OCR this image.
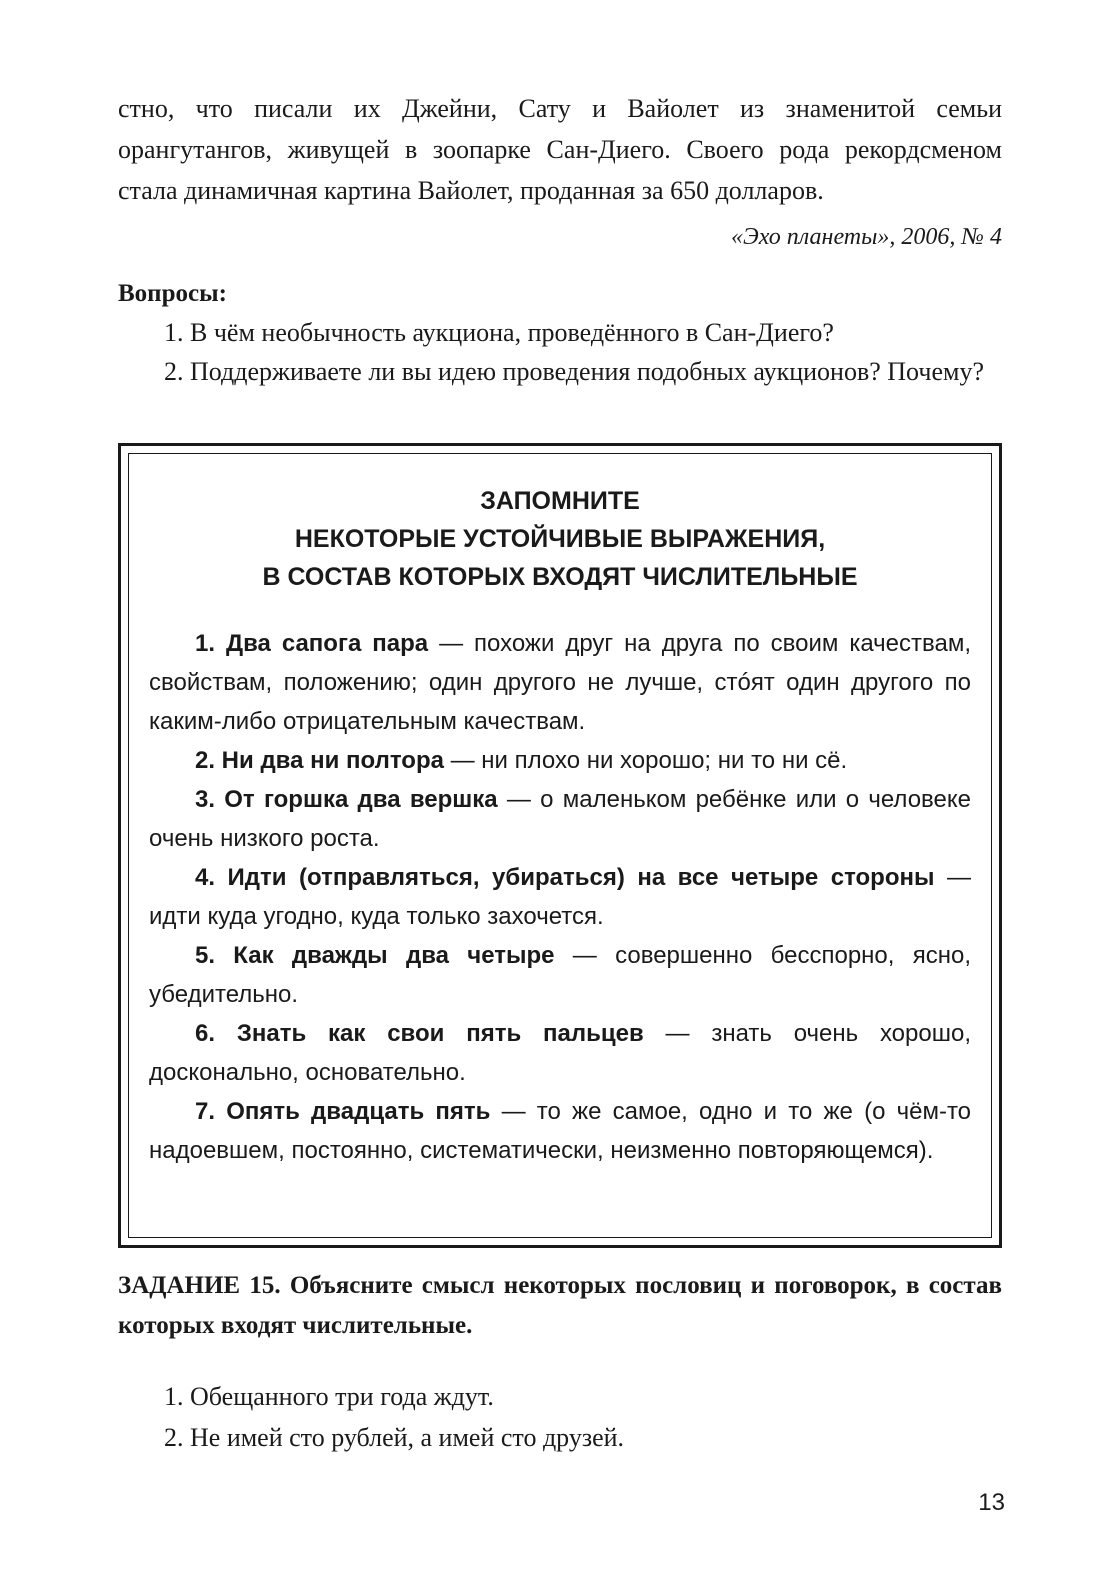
стно, что писали их Джейни, Сату и Вайолет из знаменитой семьи орангутангов, живущей в зоопарке Сан-Диего. Своего рода рекордсменом стала динамичная картина Вайолет, проданная за 650 долларов.

«Эхо планеты», 2006, № 4

Вопросы:

1. В чём необычность аукциона, проведённого в Сан-Диего?

2. Поддерживаете ли вы идею проведения подобных аукционов? Почему?

ЗАПОМНИТЕ

НЕКОТОРЫЕ УСТОЙЧИВЫЕ ВЫРАЖЕНИЯ,

В СОСТАВ КОТОРЫХ ВХОДЯТ ЧИСЛИТЕЛЬНЫЕ

1. Два сапога пара — похожи друг на друга по своим качествам, свойствам, положению; один другого не лучше, стóят один другого по каким-либо отрицательным качествам.
2. Ни два ни полтора — ни плохо ни хорошо; ни то ни сё.
3. От горшка два вершка — о маленьком ребёнке или о человеке очень низкого роста.
4. Идти (отправляться, убираться) на все четыре стороны — идти куда угодно, куда только захочется.
5. Как дважды два четыре — совершенно бесспорно, ясно, убедительно.
6. Знать как свои пять пальцев — знать очень хорошо, досконально, основательно.
7. Опять двадцать пять — то же самое, одно и то же (о чём-то надоевшем, постоянно, систематически, неизменно повторяющемся).

ЗАДАНИЕ 15. Объясните смысл некоторых пословиц и поговорок, в состав которых входят числительные.

1. Обещанного три года ждут.
2. Не имей сто рублей, а имей сто друзей.
13
